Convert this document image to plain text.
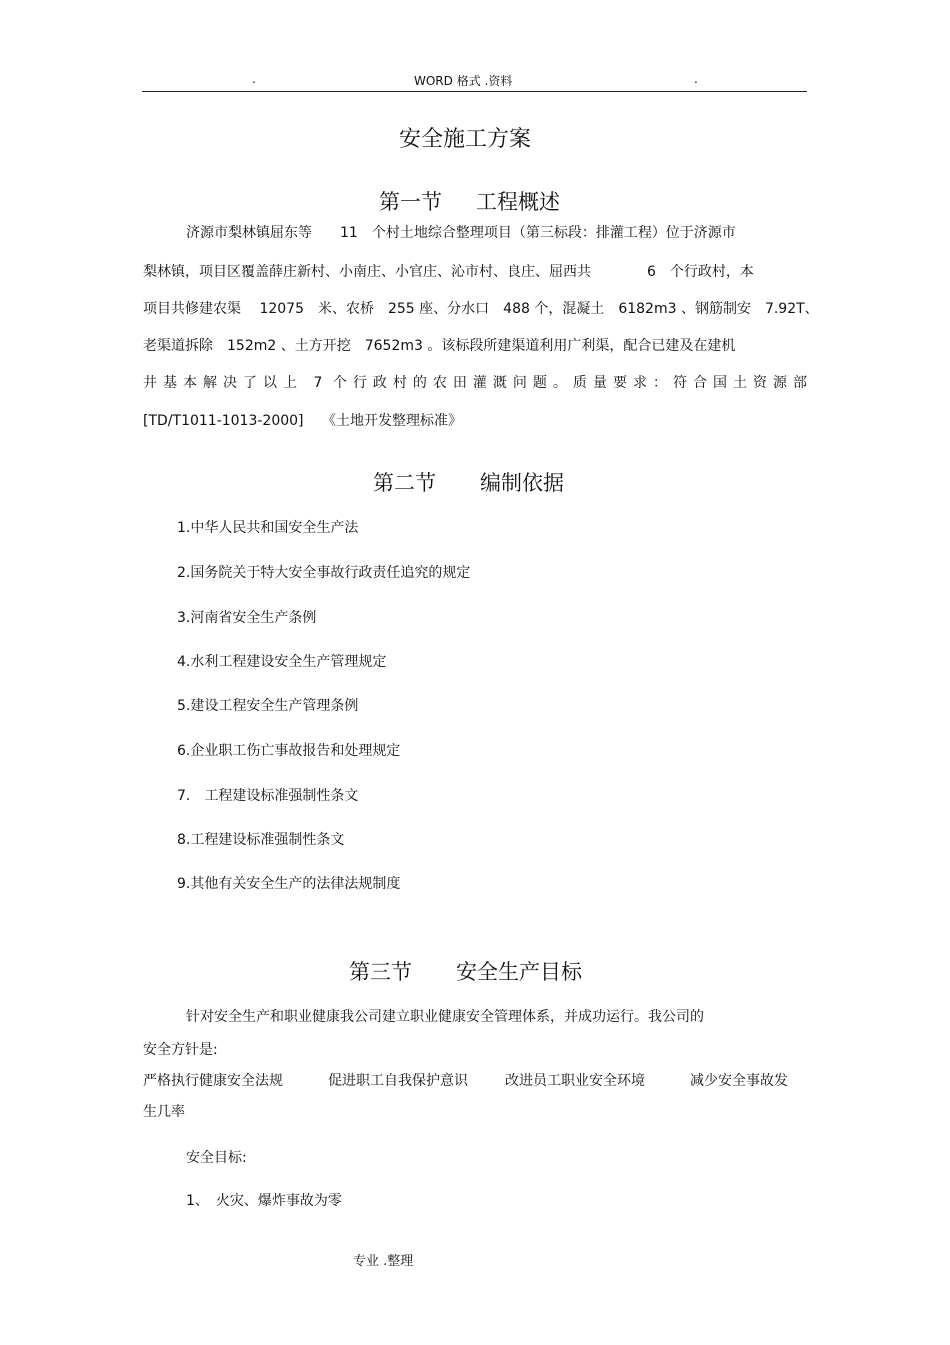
.	WORD 格式 .资料	.
安全施工方案
第一节 工程概述
济源市梨林镇屈东等　　11　个村土地综合整理项目（第三标段：排灌工程）位于济源市
梨林镇，项目区覆盖薛庄新村、小南庄、小官庄、沁市村、良庄、屈西共　　　　6　个行政村，本
项目共修建农渠　 12075　米、农桥　255 座、分水口　488 个，混凝土　6182m3 、钢筋制安　7.92T、
老渠道拆除　152m2 、土方开挖　7652m3 。该标段所建渠道利用广利渠，配合已建及在建机
井基本解决了以上 7 个行政村的农田灌溉问题。质量要求：符合国土资源部
[TD/T1011-1013-2000]　 《土地开发整理标准》
第二节 编制依据
1.中华人民共和国安全生产法
2.国务院关于特大安全事故行政责任追究的规定
3.河南省安全生产条例
4.水利工程建设安全生产管理规定
5.建设工程安全生产管理条例
6.企业职工伤亡事故报告和处理规定
7.　工程建设标准强制性条文
8.工程建设标准强制性条文
9.其他有关安全生产的法律法规制度
第三节 安全生产目标
针对安全生产和职业健康我公司建立职业健康安全管理体系，并成功运行。我公司的
安全方针是:
严格执行健康安全法规	促进职工自我保护意识	改进员工职业安全环境	减少安全事故发
生几率
安全目标:
1、　火灾、爆炸事故为零
专业 .整理
